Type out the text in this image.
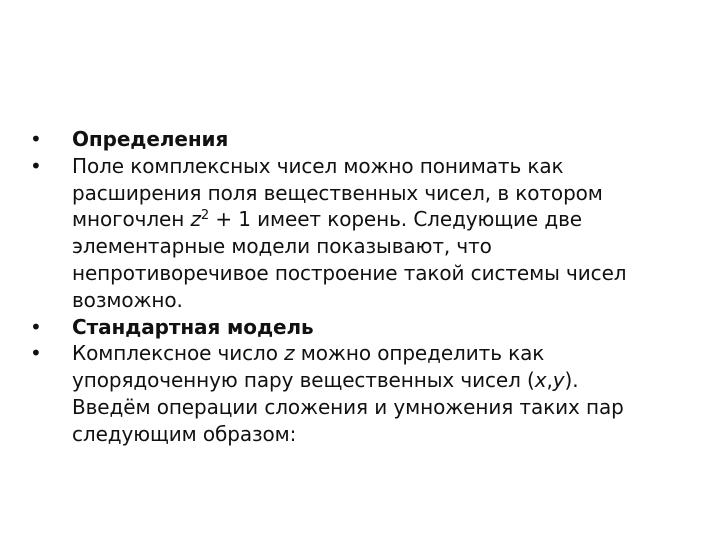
• Определения
• Поле комплексных чисел можно понимать как
расширения поля вещественных чисел, в котором
многочлен $z^2 + 1$ имеет корень. Следующие две
элементарные модели показывают, что
непротиворечивое построение такой системы чисел
возможно.
• Стандартная модель
• Комплексное число z можно определить как
упорядоченную пару вещественных чисел (x,y).
Введём операции сложения и умножения таких пар
следующим образом:
